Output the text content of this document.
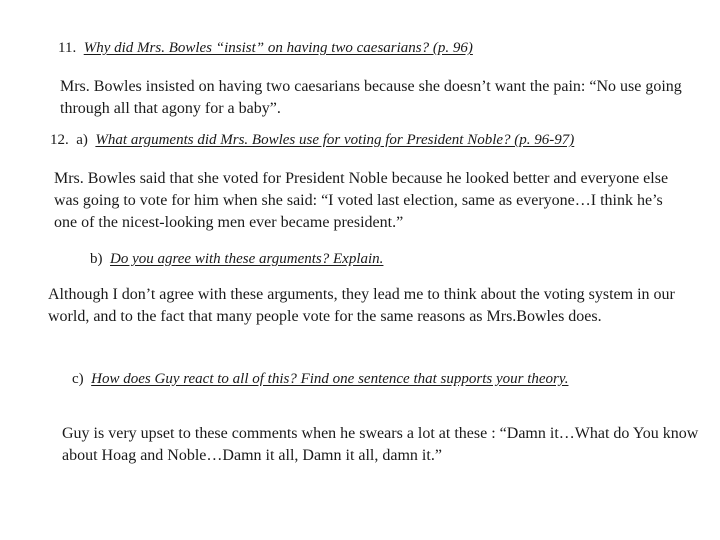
11. Why did Mrs. Bowles “insist” on having two caesarians? (p. 96)

Mrs. Bowles insisted on having two caesarians because she doesn’t want the pain: “No use going through all that agony for a baby”.

12. a) What arguments did Mrs. Bowles use for voting for President Noble? (p. 96-97)

Mrs. Bowles said that she voted for President Noble because he looked better and everyone else was going to vote for him when she said: “I voted last election, same as everyone…I think he’s one of the nicest-looking men ever became president.”

b) Do you agree with these arguments? Explain.

Although I don’t agree with these arguments, they lead me to think about the voting system in our world, and to the fact that many people vote for the same reasons as Mrs.Bowles does.

c) How does Guy react to all of this? Find one sentence that supports your theory.

Guy is very upset to these comments when he swears a lot at these : “Damn it…What do You know about Hoag and Noble…Damn it all, Damn it all, damn it.”
